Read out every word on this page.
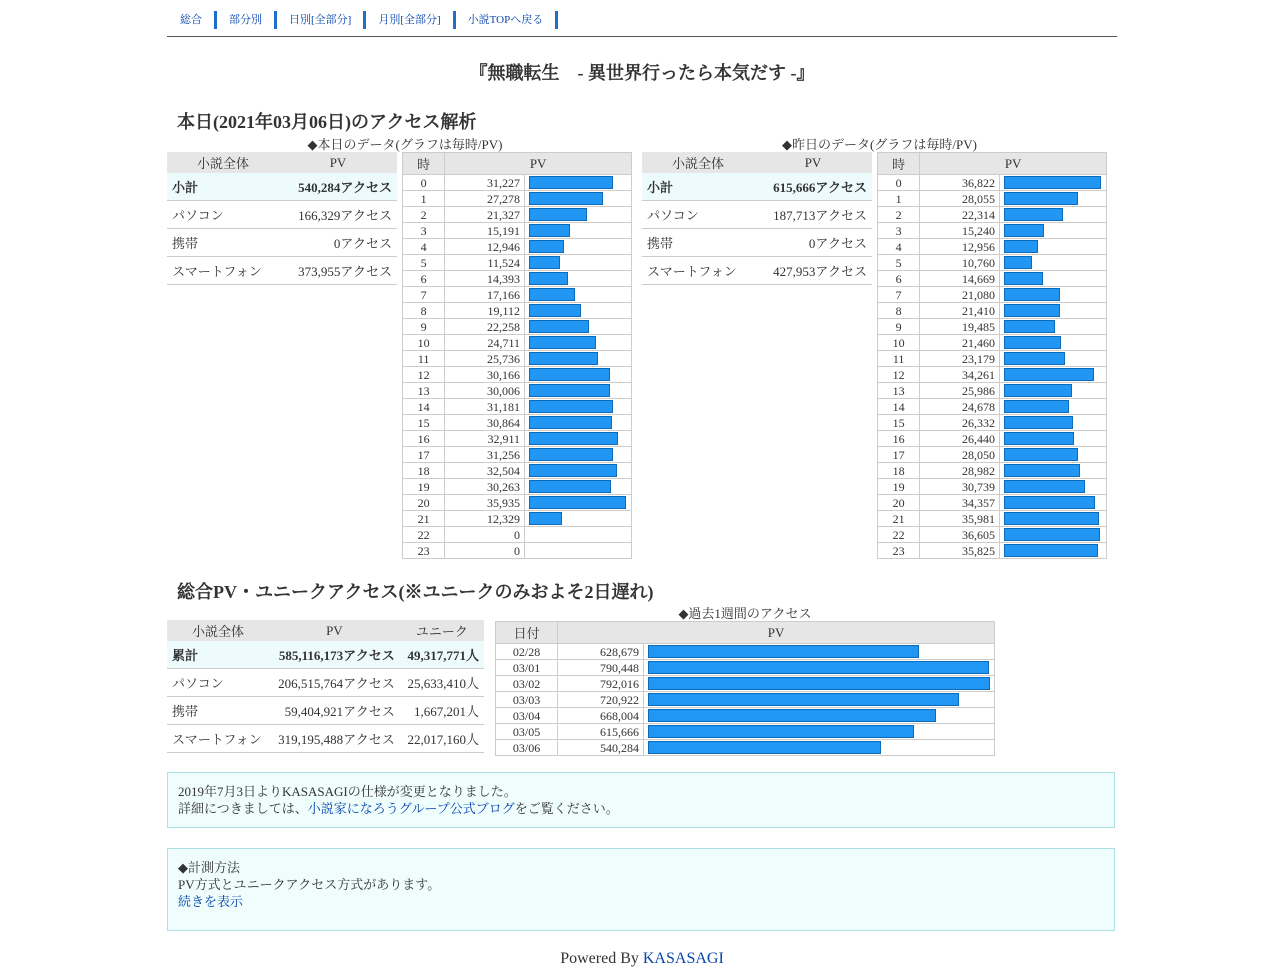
総合 部分別 日別[全部分] 月別[全部分] 小説TOPへ戻る
『無職転生　- 異世界行ったら本気だす -』
本日(2021年03月06日)のアクセス解析
◆本日のデータ(グラフは毎時/PV)	◆昨日のデータ(グラフは毎時/PV)
小説全体	PV
小計	540,284アクセス
パソコン	166,329アクセス
携帯	0アクセス
スマートフォン	373,955アクセス
時	PV	
0	31,227	

1	27,278	

2	21,327	

3	15,191	

4	12,946	

5	11,524	

6	14,393	

7	17,166	

8	19,112	

9	22,258	

10	24,711	

11	25,736	

12	30,166	

13	30,006	

14	31,181	

15	30,864	

16	32,911	

17	31,256	

18	32,504	

19	30,263	

20	35,935	

21	12,329	

22	0	
23	0	
小説全体	PV
小計	615,666アクセス
パソコン	187,713アクセス
携帯	0アクセス
スマートフォン	427,953アクセス
時	PV	
0	36,822	

1	28,055	

2	22,314	

3	15,240	

4	12,956	

5	10,760	

6	14,669	

7	21,080	

8	21,410	

9	19,485	

10	21,460	

11	23,179	

12	34,261	

13	25,986	

14	24,678	

15	26,332	

16	26,440	

17	28,050	

18	28,982	

19	30,739	

20	34,357	

21	35,981	

22	36,605	

23	35,825	
総合PV・ユニークアクセス(※ユニークのみおよそ2日遅れ)
小説全体	PV	ユニーク
累計	585,116,173アクセス	49,317,771人
パソコン	206,515,764アクセス	25,633,410人
携帯	59,404,921アクセス	1,667,201人
スマートフォン	319,195,488アクセス	22,017,160人
◆過去1週間のアクセス
日付	PV	
02/28	628,679	

03/01	790,448	

03/02	792,016	

03/03	720,922	

03/04	668,004	

03/05	615,666	

03/06	540,284	
2019年7月3日よりKASASAGIの仕様が変更となりました。
詳細につきましては、小説家になろうグループ公式ブログをご覧ください。
◆計測方法
PV方式とユニークアクセス方式があります。
続きを表示
Powered By KASASAGI
